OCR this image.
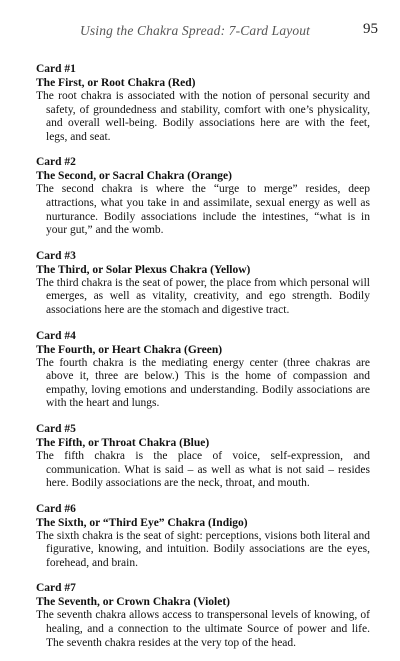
Using the Chakra Spread: 7-Card Layout	95

Card #1

The First, or Root Chakra (Red)

The root chakra is associated with the notion of personal security and safety, of groundedness and stability, comfort with one’s physicality, and overall well-being. Bodily associations here are with the feet, legs, and seat.

Card #2

The Second, or Sacral Chakra (Orange)

The second chakra is where the “urge to merge” resides, deep attractions, what you take in and assimilate, sexual energy as well as nurturance. Bodily associations include the intestines, “what is in your gut,” and the womb.

Card #3

The Third, or Solar Plexus Chakra (Yellow)

The third chakra is the seat of power, the place from which personal will emerges, as well as vitality, creativity, and ego strength. Bodily associations here are the stomach and digestive tract.

Card #4

The Fourth, or Heart Chakra (Green)

The fourth chakra is the mediating energy center (three chakras are above it, three are below.) This is the home of compassion and empathy, loving emotions and understanding. Bodily associations are with the heart and lungs.

Card #5

The Fifth, or Throat Chakra (Blue)

The fifth chakra is the place of voice, self-expression, and communication. What is said – as well as what is not said – resides here. Bodily associations are the neck, throat, and mouth.

Card #6

The Sixth, or “Third Eye” Chakra (Indigo)

The sixth chakra is the seat of sight: perceptions, visions both literal and figurative, knowing, and intuition. Bodily associations are the eyes, forehead, and brain.

Card #7

The Seventh, or Crown Chakra (Violet)

The seventh chakra allows access to transpersonal levels of knowing, of healing, and a connection to the ultimate Source of power and life. The seventh chakra resides at the very top of the head.
